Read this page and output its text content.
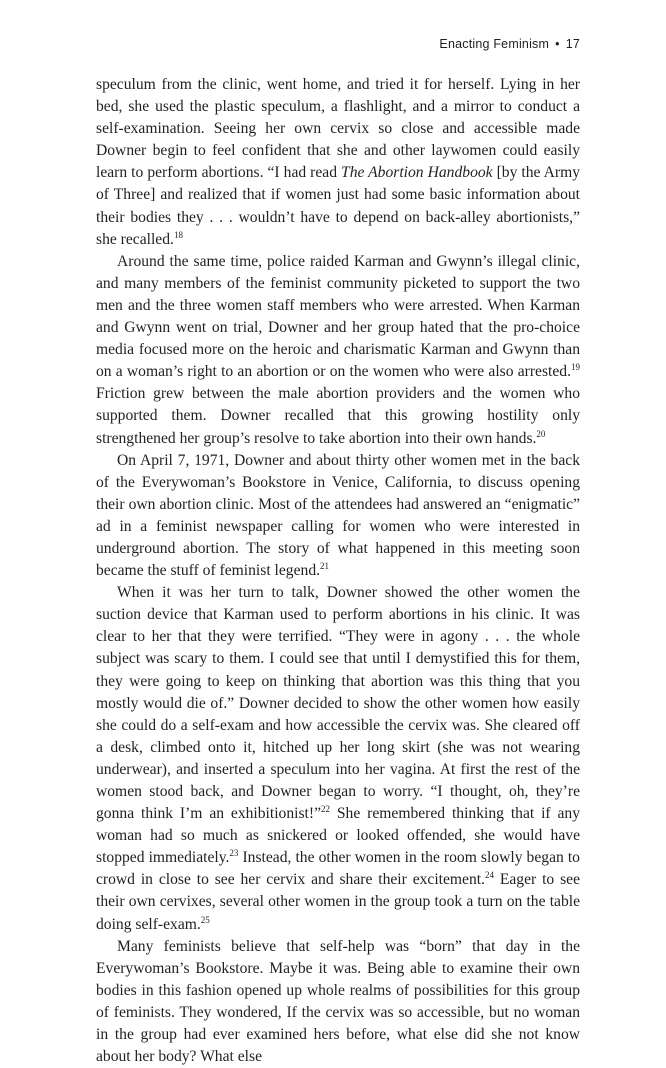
Enacting Feminism • 17

speculum from the clinic, went home, and tried it for herself. Lying in her bed, she used the plastic speculum, a flashlight, and a mirror to conduct a self-examination. Seeing her own cervix so close and accessible made Downer begin to feel confident that she and other laywomen could easily learn to perform abortions. “I had read The Abortion Handbook [by the Army of Three] and realized that if women just had some basic information about their bodies they . . . wouldn’t have to depend on back-alley abortionists,” she recalled.$^{18}$

Around the same time, police raided Karman and Gwynn’s illegal clinic, and many members of the feminist community picketed to support the two men and the three women staff members who were arrested. When Karman and Gwynn went on trial, Downer and her group hated that the pro-choice media focused more on the heroic and charismatic Karman and Gwynn than on a woman’s right to an abortion or on the women who were also arrested.$^{19}$ Friction grew between the male abortion providers and the women who supported them. Downer recalled that this growing hostility only strengthened her group’s resolve to take abortion into their own hands.$^{20}$

On April 7, 1971, Downer and about thirty other women met in the back of the Everywoman’s Bookstore in Venice, California, to discuss opening their own abortion clinic. Most of the attendees had answered an “enigmatic” ad in a feminist newspaper calling for women who were interested in underground abortion. The story of what happened in this meeting soon became the stuff of feminist legend.$^{21}$

When it was her turn to talk, Downer showed the other women the suction device that Karman used to perform abortions in his clinic. It was clear to her that they were terrified. “They were in agony . . . the whole subject was scary to them. I could see that until I demystified this for them, they were going to keep on thinking that abortion was this thing that you mostly would die of.” Downer decided to show the other women how easily she could do a self-exam and how accessible the cervix was. She cleared off a desk, climbed onto it, hitched up her long skirt (she was not wearing underwear), and inserted a speculum into her vagina. At first the rest of the women stood back, and Downer began to worry. “I thought, oh, they’re gonna think I’m an exhibitionist!”$^{22}$ She remembered thinking that if any woman had so much as snickered or looked offended, she would have stopped immediately.$^{23}$ Instead, the other women in the room slowly began to crowd in close to see her cervix and share their excitement.$^{24}$ Eager to see their own cervixes, several other women in the group took a turn on the table doing self-exam.$^{25}$

Many feminists believe that self-help was “born” that day in the Everywoman’s Bookstore. Maybe it was. Being able to examine their own bodies in this fashion opened up whole realms of possibilities for this group of feminists. They wondered, If the cervix was so accessible, but no woman in the group had ever examined hers before, what else did she not know about her body? What else
